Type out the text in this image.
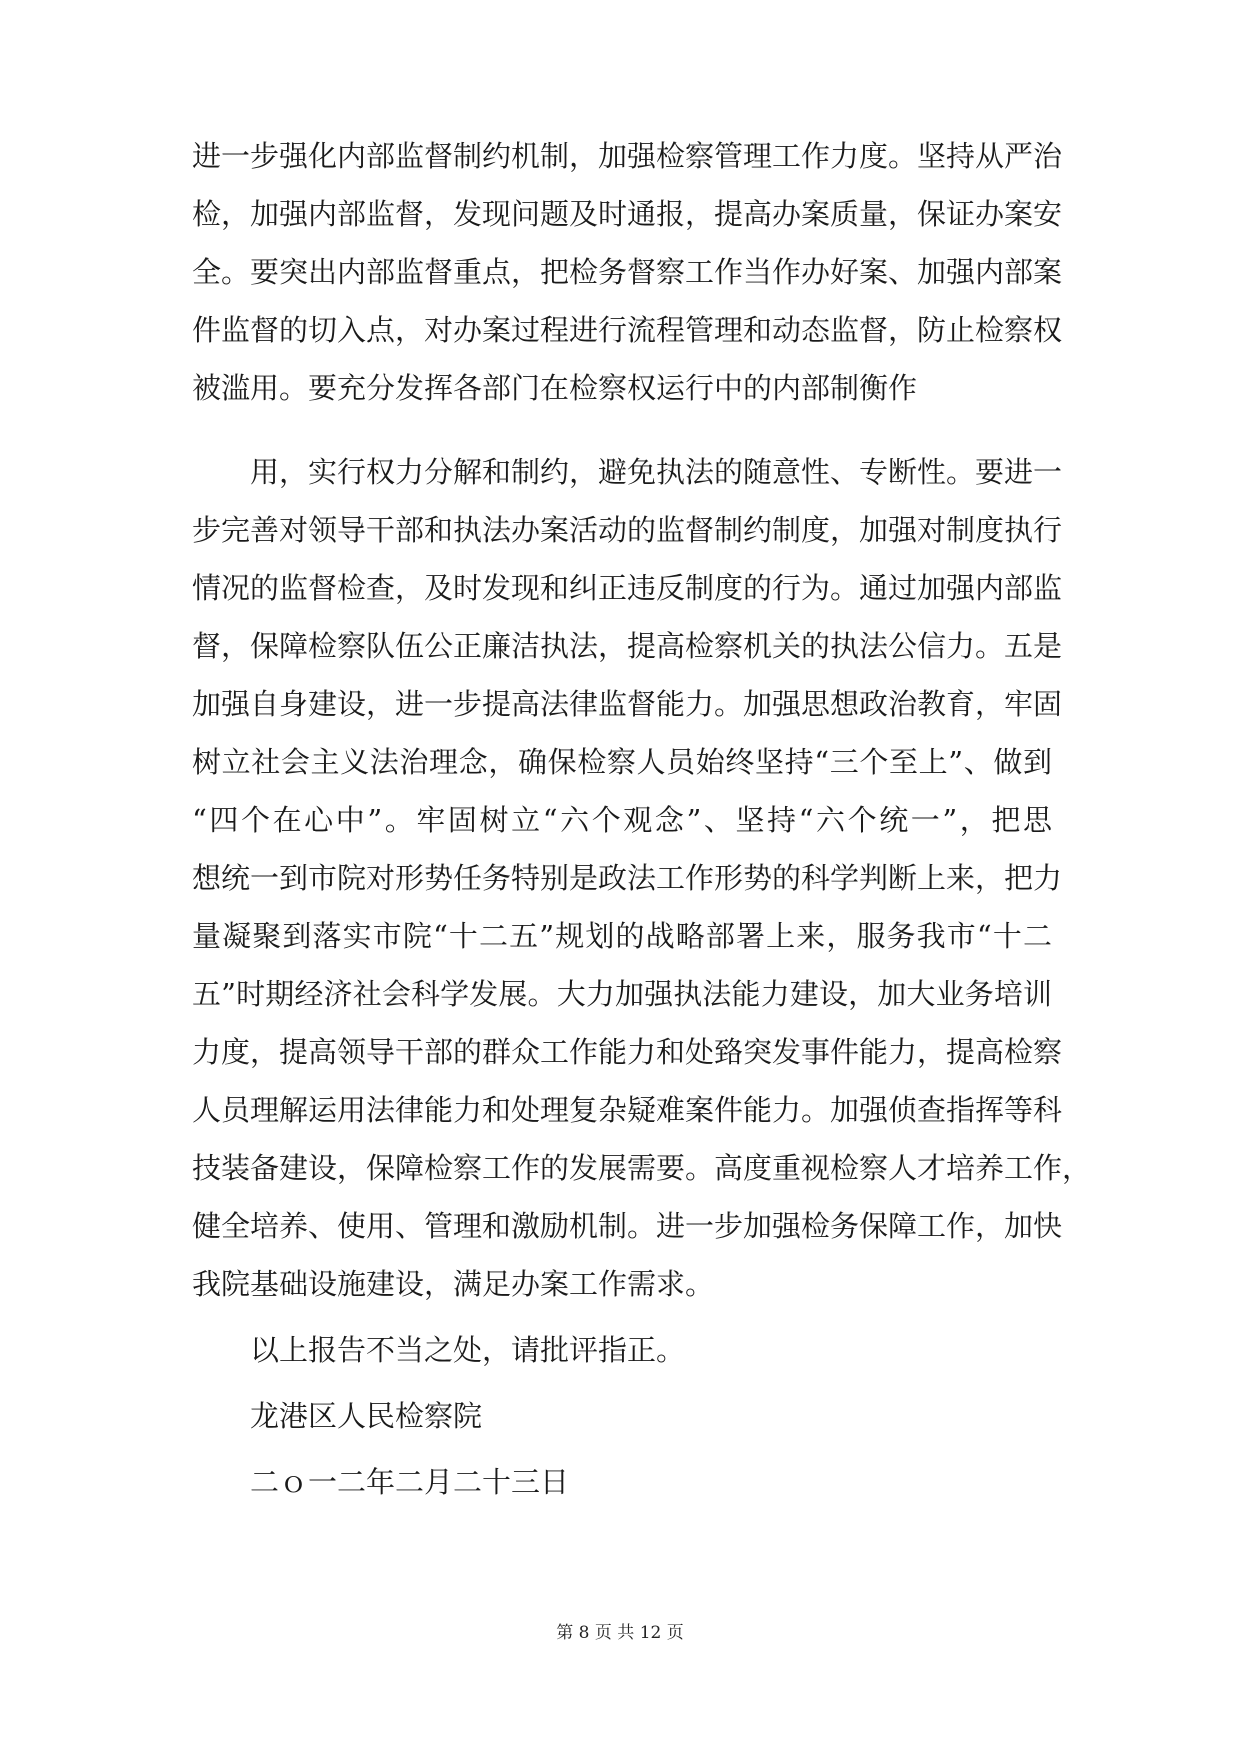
进一步强化内部监督制约机制，加强检察管理工作力度。坚持从严治
检，加强内部监督，发现问题及时通报，提高办案质量，保证办案安
全。要突出内部监督重点，把检务督察工作当作办好案、加强内部案
件监督的切入点，对办案过程进行流程管理和动态监督，防止检察权
被滥用。要充分发挥各部门在检察权运行中的内部制衡作
用，实行权力分解和制约，避免执法的随意性、专断性。要进一
步完善对领导干部和执法办案活动的监督制约制度，加强对制度执行
情况的监督检查，及时发现和纠正违反制度的行为。通过加强内部监
督，保障检察队伍公正廉洁执法，提高检察机关的执法公信力。五是
加强自身建设，进一步提高法律监督能力。加强思想政治教育，牢固
树立社会主义法治理念，确保检察人员始终坚持“三个至上”、做到
“四个在心中”。牢固树立“六个观念”、坚持“六个统一”，把思
想统一到市院对形势任务特别是政法工作形势的科学判断上来，把力
量凝聚到落实市院“十二五”规划的战略部署上来，服务我市“十二
五”时期经济社会科学发展。大力加强执法能力建设，加大业务培训
力度，提高领导干部的群众工作能力和处臵突发事件能力，提高检察
人员理解运用法律能力和处理复杂疑难案件能力。加强侦查指挥等科
技装备建设，保障检察工作的发展需要。高度重视检察人才培养工作，
健全培养、使用、管理和激励机制。进一步加强检务保障工作，加快
我院基础设施建设，满足办案工作需求。
以上报告不当之处，请批评指正。
龙港区人民检察院
二ｏ一二年二月二十三日
第 8 页 共 12 页
